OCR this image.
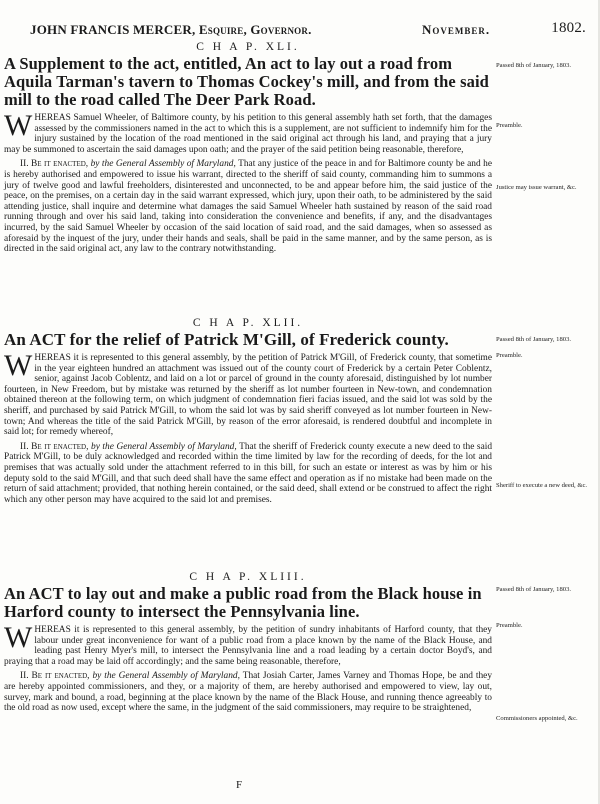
JOHN FRANCIS MERCER, Esquire, Governor.	November.	1802.
C H A P. XLI.
A Supplement to the act, entitled, An act to lay out a road from Aquila Tarman's tavern to Thomas Cockey's mill, and from the said mill to the road called The Deer Park Road.
WHEREAS Samuel Wheeler, of Baltimore county, by his petition to this general assembly hath set forth, that the damages assessed by the commissioners named in the act to which this is a supplement, are not sufficient to indemnify him for the injury sustained by the location of the road mentioned in the said original act through his land, and praying that a jury may be summoned to ascertain the said damages upon oath; and the prayer of the said petition being reasonable, therefore,
II. Be it enacted, by the General Assembly of Maryland, That any justice of the peace in and for Baltimore county be and he is hereby authorised and empowered to issue his warrant, directed to the sheriff of said county, commanding him to summons a jury of twelve good and lawful freeholders, disinterested and unconnected, to be and appear before him, the said justice of the peace, on the premises, on a certain day in the said warrant expressed, which jury, upon their oath, to be administered by the said attending justice, shall inquire and determine what damages the said Samuel Wheeler hath sustained by reason of the said road running through and over his said land, taking into consideration the convenience and benefits, if any, and the disadvantages incurred, by the said Samuel Wheeler by occasion of the said location of said road, and the said damages, when so assessed as aforesaid by the inquest of the jury, under their hands and seals, shall be paid in the same manner, and by the same person, as is directed in the said original act, any law to the contrary notwithstanding.
Passed 8th of January, 1803.
Preamble.
Justice may issue warrant, &c.
C H A P. XLII.
An ACT for the relief of Patrick M'Gill, of Frederick county.
WHEREAS it is represented to this general assembly, by the petition of Patrick M'Gill, of Frederick county, that sometime in the year eighteen hundred an attachment was issued out of the county court of Frederick by a certain Peter Coblentz, senior, against Jacob Coblentz, and laid on a lot or parcel of ground in the county aforesaid, distinguished by lot number fourteen, in New Freedom, but by mistake was returned by the sheriff as lot number fourteen in New-town, and condemnation obtained thereon at the following term, on which judgment of condemnation fieri facias issued, and the said lot was sold by the sheriff, and purchased by said Patrick M'Gill, to whom the said lot was by said sheriff conveyed as lot number fourteen in New-town; And whereas the title of the said Patrick M'Gill, by reason of the error aforesaid, is rendered doubtful and incomplete in said lot; for remedy whereof,
II. Be it enacted, by the General Assembly of Maryland, That the sheriff of Frederick county execute a new deed to the said Patrick M'Gill, to be duly acknowledged and recorded within the time limited by law for the recording of deeds, for the lot and premises that was actually sold under the attachment referred to in this bill, for such an estate or interest as was by him or his deputy sold to the said M'Gill, and that such deed shall have the same effect and operation as if no mistake had been made on the return of said attachment; provided, that nothing herein contained, or the said deed, shall extend or be construed to affect the right which any other person may have acquired to the said lot and premises.
Passed 8th of January, 1803.
Preamble.
Sheriff to execute a new deed, &c.
C H A P. XLIII.
An ACT to lay out and make a public road from the Black house in Harford county to intersect the Pennsylvania line.
WHEREAS it is represented to this general assembly, by the petition of sundry inhabitants of Harford county, that they labour under great inconvenience for want of a public road from a place known by the name of the Black House, and leading past Henry Myer's mill, to intersect the Pennsylvania line and a road leading by a certain doctor Boyd's, and praying that a road may be laid off accordingly; and the same being reasonable, therefore,
II. Be it enacted, by the General Assembly of Maryland, That Josiah Carter, James Varney and Thomas Hope, be and they are hereby appointed commissioners, and they, or a majority of them, are hereby authorised and empowered to view, lay out, survey, mark and bound, a road, beginning at the place known by the name of the Black House, and running thence agreeably to the old road as now used, except where the same, in the judgment of the said commissioners, may require to be straightened,
Passed 8th of January, 1803.
Preamble.
Commissioners appointed, &c.
F
